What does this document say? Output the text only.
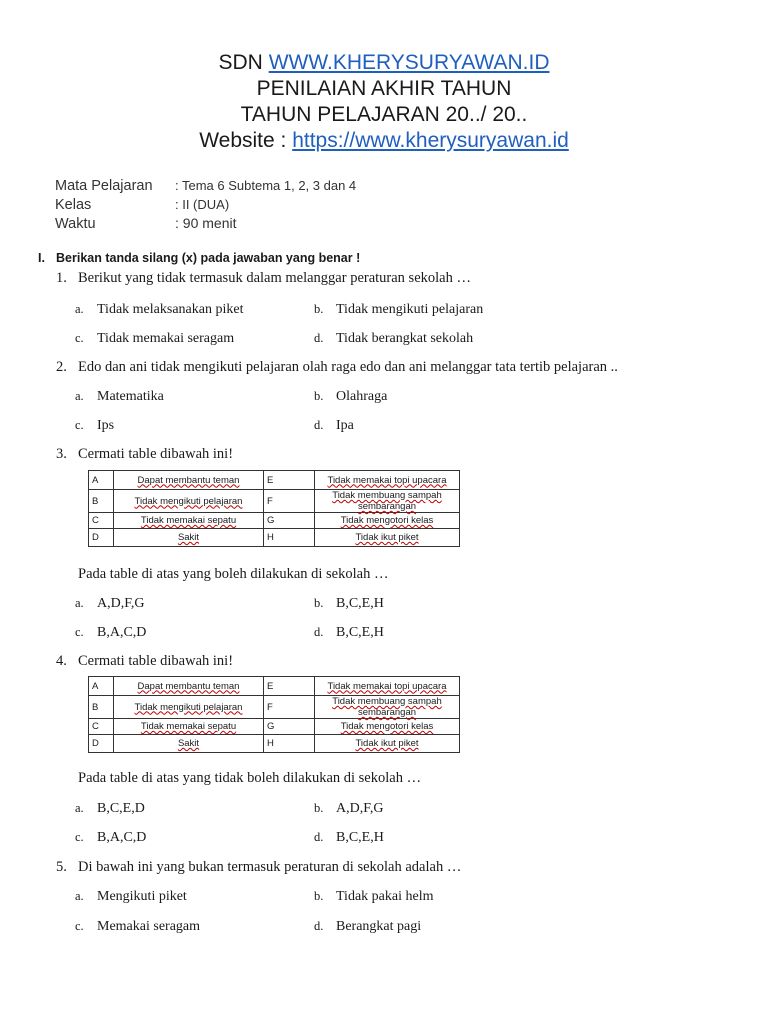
SDN WWW.KHERYSURYAWAN.ID
PENILAIAN AKHIR TAHUN
TAHUN PELAJARAN 20../ 20..
Website : https://www.kherysuryawan.id
Mata Pelajaran : Tema 6 Subtema 1, 2, 3 dan 4
Kelas	: II (DUA)
Waktu	: 90 menit
I. Berikan tanda silang (x) pada jawaban yang benar !
1. Berikut yang tidak termasuk dalam melanggar peraturan sekolah …
a. Tidak melaksanakan piket	b. Tidak mengikuti pelajaran
c. Tidak memakai seragam	d. Tidak berangkat sekolah
2. Edo dan ani tidak mengikuti pelajaran olah raga edo dan ani melanggar tata tertib pelajaran ..
a. Matematika	b. Olahraga
c. Ips	d. Ipa
3. Cermati table dibawah ini!
A	Dapat membantu teman	E	Tidak memakai topi upacara
B	Tidak mengikuti pelajaran	F	Tidak membuang sampah sembarangan
C	Tidak memakai sepatu	G	Tidak mengotori kelas
D	Sakit	H	Tidak ikut piket
Pada table di atas yang boleh dilakukan di sekolah …
a. A,D,F,G	b. B,C,E,H
c. B,A,C,D	d. B,C,E,H
4. Cermati table dibawah ini!
A	Dapat membantu teman	E	Tidak memakai topi upacara
B	Tidak mengikuti pelajaran	F	Tidak membuang sampah sembarangan
C	Tidak memakai sepatu	G	Tidak mengotori kelas
D	Sakit	H	Tidak ikut piket
Pada table di atas yang tidak boleh dilakukan di sekolah …
a. B,C,E,D	b. A,D,F,G
c. B,A,C,D	d. B,C,E,H
5. Di bawah ini yang bukan termasuk peraturan di sekolah adalah …
a. Mengikuti piket	b. Tidak pakai helm
c. Memakai seragam	d. Berangkat pagi
